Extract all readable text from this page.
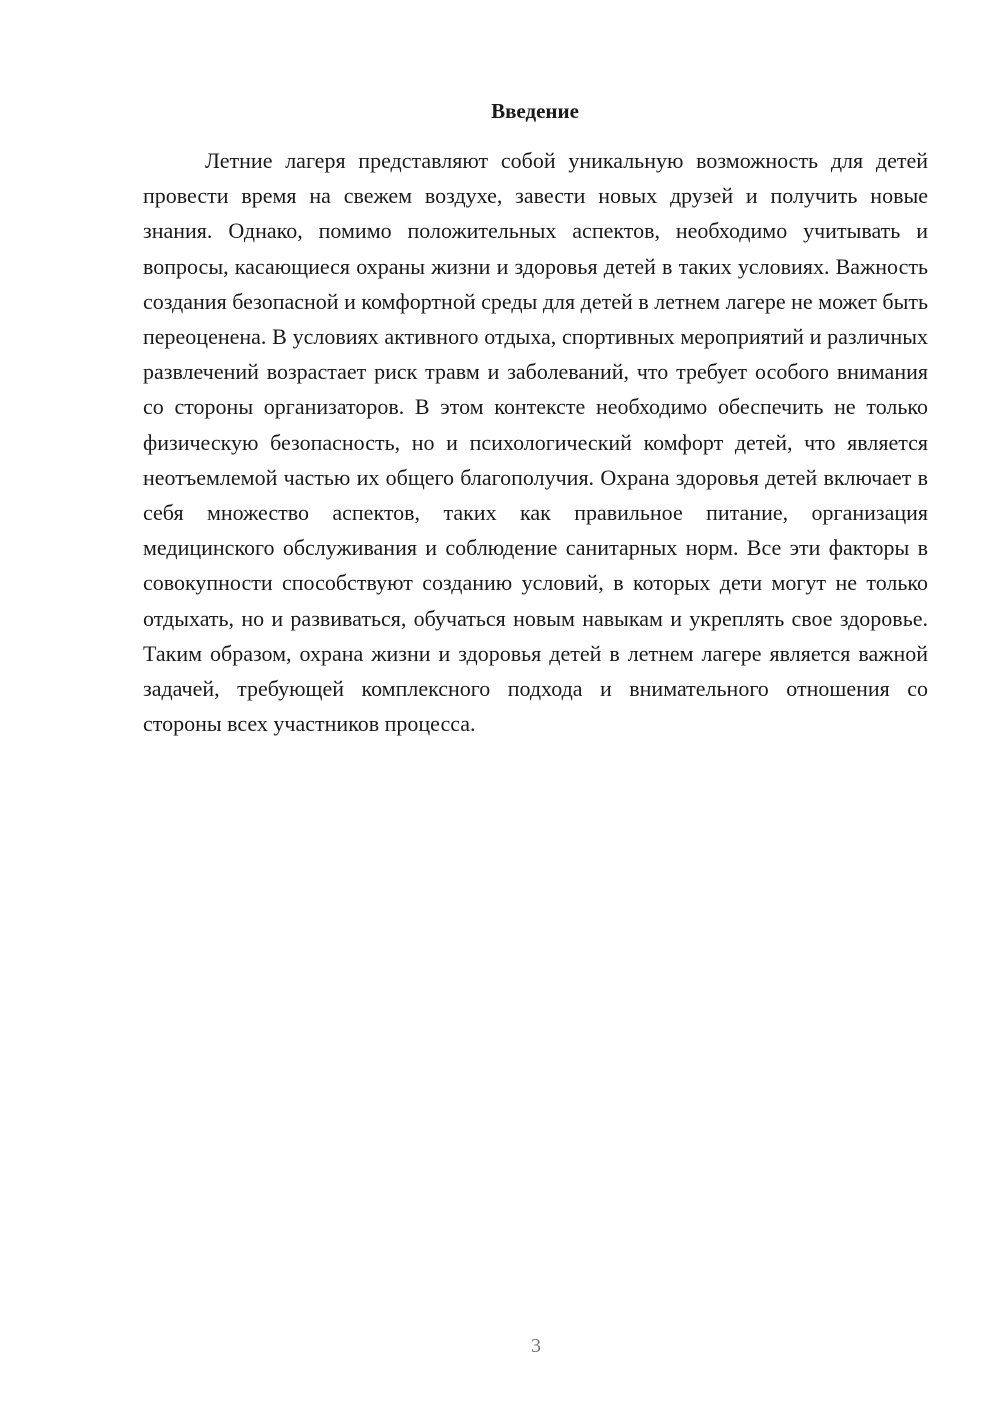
Введение

Летние лагеря представляют собой уникальную возможность для детей провести время на свежем воздухе, завести новых друзей и получить новые знания. Однако, помимо положительных аспектов, необходимо учитывать и вопросы, касающиеся охраны жизни и здоровья детей в таких условиях. Важность создания безопасной и комфортной среды для детей в летнем лагере не может быть переоценена. В условиях активного отдыха, спортивных мероприятий и различных развлечений возрастает риск травм и заболеваний, что требует особого внимания со стороны организаторов. В этом контексте необходимо обеспечить не только физическую безопасность, но и психологический комфорт детей, что является неотъемлемой частью их общего благополучия. Охрана здоровья детей включает в себя множество аспектов, таких как правильное питание, организация медицинского обслуживания и соблюдение санитарных норм. Все эти факторы в совокупности способствуют созданию условий, в которых дети могут не только отдыхать, но и развиваться, обучаться новым навыкам и укреплять свое здоровье. Таким образом, охрана жизни и здоровья детей в летнем лагере является важной задачей, требующей комплексного подхода и внимательного отношения со стороны всех участников процесса.

3
